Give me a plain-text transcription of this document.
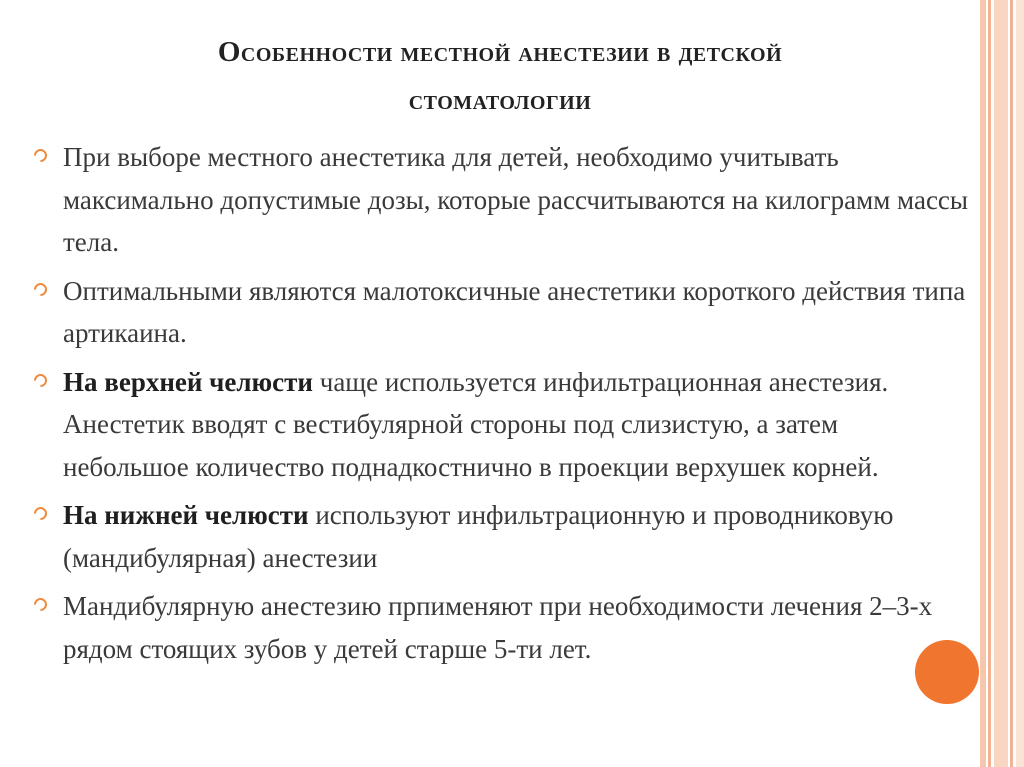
Особенности местной анестезии в детской
стоматологии
При выборе местного анестетика для детей, необходимо учитывать максимально допустимые дозы, которые рассчитываются на килограмм массы тела.
Оптимальными являются малотоксичные анестетики короткого действия типа артикаина.
На верхней челюсти чаще используется инфильтрационная анестезия. Анестетик вводят с вестибулярной стороны под слизистую, а затем небольшое количество поднадкостнично в проекции верхушек корней.
На нижней челюсти используют инфильтрационную и проводниковую (мандибулярная) анестезии
Мандибулярную анестезию прпименяют при необходимости лечения 2–3-х рядом стоящих зубов у детей старше 5-ти лет.
